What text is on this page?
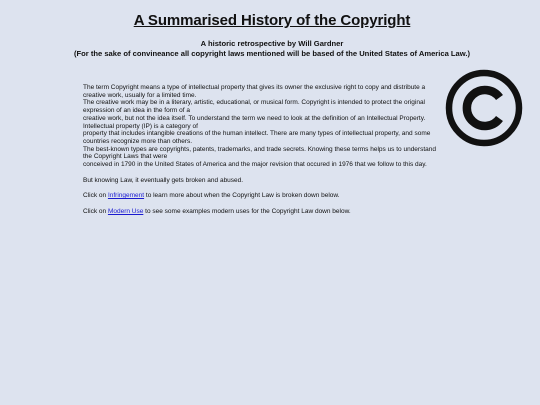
A Summarised History of the Copyright
A historic retrospective by Will Gardner
(For the sake of convineance all copyright laws mentioned will be based of the United States of America Law.)

The term Copyright means a type of intellectual property that gives its owner the exclusive right to copy and distribute a
creative work, usually for a limited time.
The creative work may be in a literary, artistic, educational, or musical form. Copyright is intended to protect the original
expression of an idea in the form of a
creative work, but not the idea itself. To understand the term we need to look at the definition of an Intellectual Property.
Intellectual property (IP) is a category of
property that includes intangible creations of the human intellect. There are many types of intellectual property, and some
countries recognize more than others.
The best-known types are copyrights, patents, trademarks, and trade secrets. Knowing these terms helps us to understand
the Copyright Laws that were
conceived in 1790 in the United States of America and the major revision that occured in 1976 that we follow to this day.

But knowing Law, it eventually gets broken and abused.

Click on Infringement to learn more about when the Copyright Law is broken down below.

Click on Modern Use to see some examples modern uses for the Copyright Law down below.
